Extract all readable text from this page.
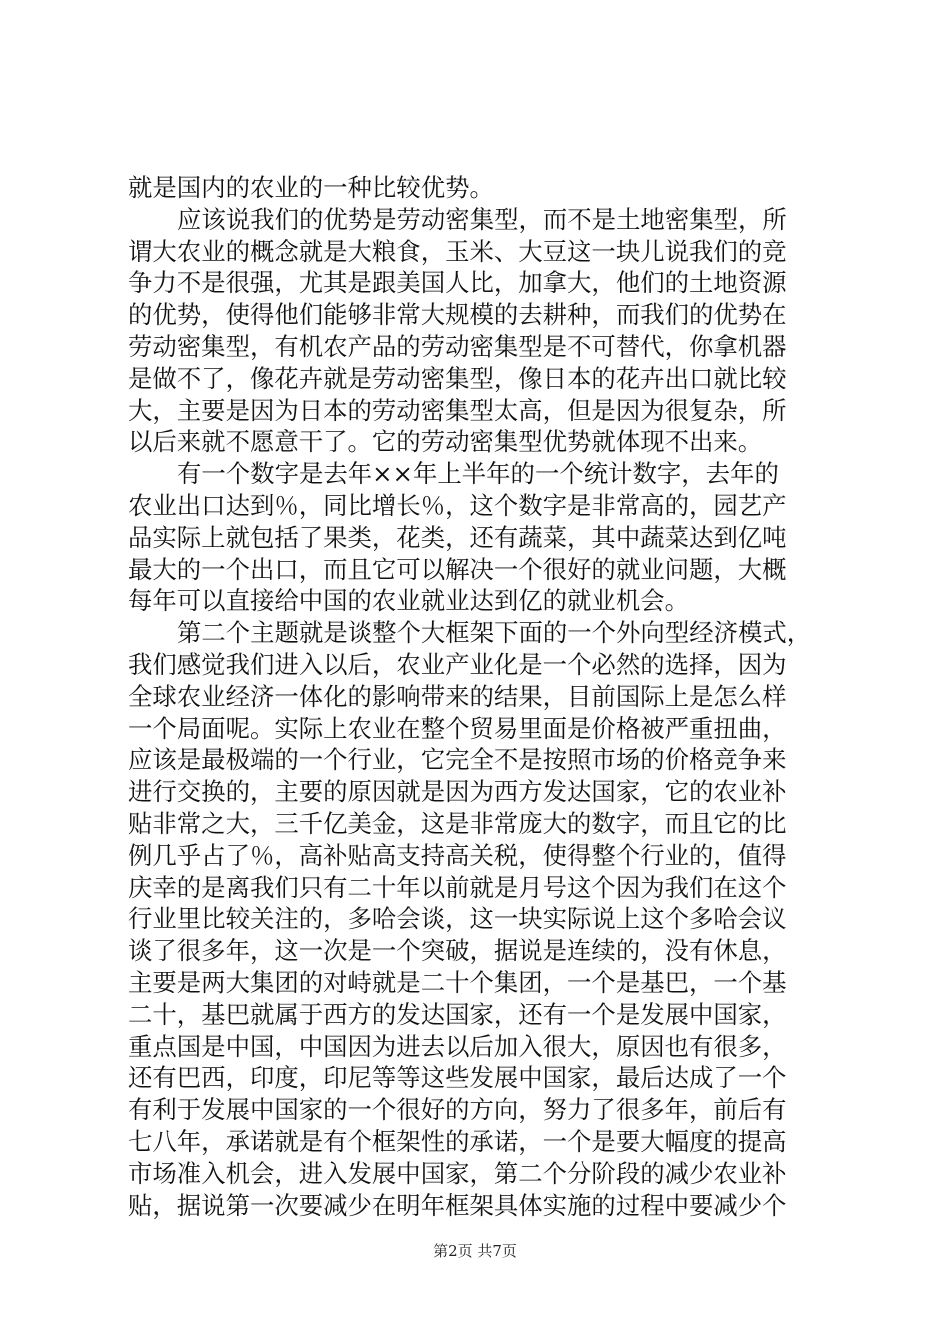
就是国内的农业的一种比较优势。
应该说我们的优势是劳动密集型，而不是土地密集型，所
谓大农业的概念就是大粮食，玉米、大豆这一块儿说我们的竞
争力不是很强，尤其是跟美国人比，加拿大，他们的土地资源
的优势，使得他们能够非常大规模的去耕种，而我们的优势在
劳动密集型，有机农产品的劳动密集型是不可替代，你拿机器
是做不了，像花卉就是劳动密集型，像日本的花卉出口就比较
大，主要是因为日本的劳动密集型太高，但是因为很复杂，所
以后来就不愿意干了。它的劳动密集型优势就体现不出来。
有一个数字是去年××年上半年的一个统计数字，去年的
农业出口达到％，同比增长％，这个数字是非常高的，园艺产
品实际上就包括了果类，花类，还有蔬菜，其中蔬菜达到亿吨
最大的一个出口，而且它可以解决一个很好的就业问题，大概
每年可以直接给中国的农业就业达到亿的就业机会。
第二个主题就是谈整个大框架下面的一个外向型经济模式，
我们感觉我们进入以后，农业产业化是一个必然的选择，因为
全球农业经济一体化的影响带来的结果，目前国际上是怎么样
一个局面呢。实际上农业在整个贸易里面是价格被严重扭曲，
应该是最极端的一个行业，它完全不是按照市场的价格竞争来
进行交换的，主要的原因就是因为西方发达国家，它的农业补
贴非常之大，三千亿美金，这是非常庞大的数字，而且它的比
例几乎占了％，高补贴高支持高关税，使得整个行业的，值得
庆幸的是离我们只有二十年以前就是月号这个因为我们在这个
行业里比较关注的，多哈会谈，这一块实际说上这个多哈会议
谈了很多年，这一次是一个突破，据说是连续的，没有休息，
主要是两大集团的对峙就是二十个集团，一个是基巴，一个基
二十，基巴就属于西方的发达国家，还有一个是发展中国家，
重点国是中国，中国因为进去以后加入很大，原因也有很多，
还有巴西，印度，印尼等等这些发展中国家，最后达成了一个
有利于发展中国家的一个很好的方向，努力了很多年，前后有
七八年，承诺就是有个框架性的承诺，一个是要大幅度的提高
市场准入机会，进入发展中国家，第二个分阶段的减少农业补
贴，据说第一次要减少在明年框架具体实施的过程中要减少个
第2页 共7页
